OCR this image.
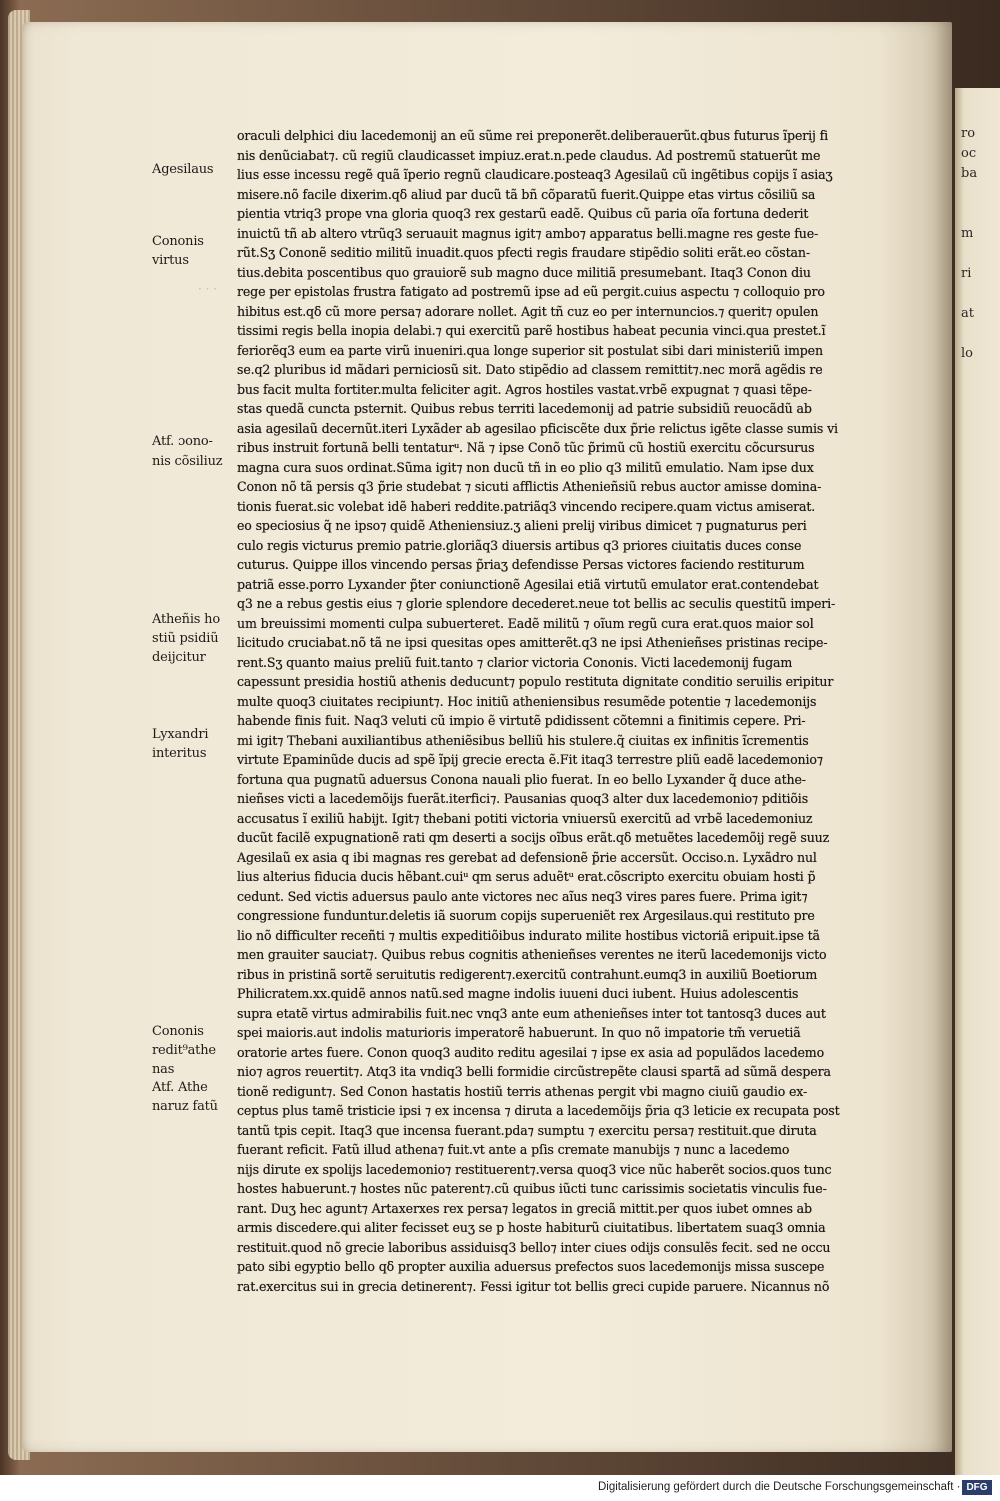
ro
oc
ba
m
ri
at
lo
· · ·
oraculi delphici diu lacedemonij an eũ sũme rei preponerẽt.deliberauerũt.qbus futurus ĩperij fi
nis denũciabat⁊. cũ regiũ claudicasset impiuz.erat.n.pede claudus. Ad postremũ statuerũt me
lius esse incessu regẽ quã ĩperio regnũ claudicare.posteaq3 Agesilaũ cũ ingẽtibus copijs ĩ asiaʒ
misere.nõ facile dixerim.qδ aliud par ducũ tã bñ cõparatũ fuerit.Quippe etas virtus cõsiliũ sa
pientia vtriq3 prope vna gloria quoq3 rex gestarũ eadẽ. Quibus cũ paria oĩa fortuna dederit
inuictũ tñ ab altero vtrũq3 seruauit magnus igit⁊ ambo⁊ apparatus belli.magne res geste fue-
rũt.Sʒ Cononẽ seditio militũ inuadit.quos pfecti regis fraudare stipẽdio soliti erãt.eo cõstan-
tius.debita poscentibus quo grauiorẽ sub magno duce militiã presumebant. Itaq3 Conon diu
rege per epistolas frustra fatigato ad postremũ ipse ad eũ pergit.cuius aspectu ⁊ colloquio pro
hibitus est.qδ cũ more persa⁊ adorare nollet. Agit tñ cuz eo per internuncios.⁊ querit⁊ opulen
tissimi regis bella inopia delabi.⁊ qui exercitũ parẽ hostibus habeat pecunia vinci.qua prestet.ĩ
feriorẽq3 eum ea parte virũ inueniri.qua longe superior sit postulat sibi dari ministeriũ impen
se.q2 pluribus id mãdari perniciosũ sit. Dato stipẽdio ad classem remittit⁊.nec morã agẽdis re
bus facit multa fortiter.multa feliciter agit. Agros hostiles vastat.vrbẽ expugnat ⁊ quasi tẽpe-
stas quedã cuncta psternit. Quibus rebus territi lacedemonij ad patrie subsidiũ reuocãdũ ab
asia agesilaũ decernũt.iteri Lyxãder ab agesilao pficiscẽte dux p̃rie relictus igẽte classe sumis vi
ribus instruit fortunã belli tentaturᵘ. Nã ⁊ ipse Conõ tũc p̃rimũ cũ hostiũ exercitu cõcursurus
magna cura suos ordinat.Sũma igit⁊ non ducũ tñ in eo plio q3 militũ emulatio. Nam ipse dux
Conon nõ tã persis q3 p̃rie studebat ⁊ sicuti afflictis Athenieñsiũ rebus auctor amisse domina-
tionis fuerat.sic volebat idẽ haberi reddite.patriãq3 vincendo recipere.quam victus amiserat.
eo speciosius q̃ ne ipso⁊ quidẽ Atheniensiuz.ʒ alieni prelij viribus dimicet ⁊ pugnaturus peri
culo regis victurus premio patrie.gloriãq3 diuersis artibus q3 priores ciuitatis duces conse
cuturus. Quippe illos vincendo persas p̃riaʒ defendisse Persas victores faciendo restiturum
patriã esse.porro Lyxander p̃ter coniunctionẽ Agesilai etiã virtutũ emulator erat.contendebat
q3 ne a rebus gestis eius ⁊ glorie splendore decederet.neue tot bellis ac seculis questitũ imperi-
um breuissimi momenti culpa subuerteret. Eadẽ militũ ⁊ oĩum regũ cura erat.quos maior sol
licitudo cruciabat.nõ tã ne ipsi quesitas opes amitterẽt.q3 ne ipsi Athenieñses pristinas recipe-
rent.Sʒ quanto maius preliũ fuit.tanto ⁊ clarior victoria Cononis. Victi lacedemonij fugam
capessunt presidia hostiũ athenis deducunt⁊ populo restituta dignitate conditio seruilis eripitur
multe quoq3 ciuitates recipiunt⁊. Hoc initiũ atheniensibus resumẽde potentie ⁊ lacedemonijs
habende finis fuit. Naq3 veluti cũ impio ẽ virtutẽ pdidissent cõtemni a finitimis cepere. Pri-
mi igit⁊ Thebani auxiliantibus atheniẽsibus belliũ his stulere.q̃ ciuitas ex infinitis ĩcrementis
virtute Epaminũde ducis ad spẽ ĩpij grecie erecta ẽ.Fit itaq3 terrestre pliũ eadẽ lacedemonio⁊
fortuna qua pugnatũ aduersus Conona nauali plio fuerat. In eo bello Lyxander q̃ duce athe-
nieñses victi a lacedemõijs fuerãt.iterfici⁊. Pausanias quoq3 alter dux lacedemonio⁊ pditiõis
accusatus ĩ exiliũ habijt. Igit⁊ thebani potiti victoria vniuersũ exercitũ ad vrbẽ lacedemoniuz
ducũt facilẽ expugnationẽ rati qm deserti a socijs oĩbus erãt.qδ metuẽtes lacedemõij regẽ suuz
Agesilaũ ex asia q ibi magnas res gerebat ad defensionẽ p̃rie accersũt. Occiso.n. Lyxãdro nul
lius alterius fiducia ducis hẽbant.cuiᵘ qm serus aduẽtᵘ erat.cõscripto exercitu obuiam hosti p̃
cedunt. Sed victis aduersus paulo ante victores nec aĩus neq3 vires pares fuere. Prima igit⁊
congressione funduntur.deletis iã suorum copijs superueniẽt rex Argesilaus.qui restituto pre
lio nõ difficulter receñti ⁊ multis expeditiõibus indurato milite hostibus victoriã eripuit.ipse tã
men grauiter sauciat⁊. Quibus rebus cognitis athenieñses verentes ne iterũ lacedemonijs victo
ribus in pristinã sortẽ seruitutis redigerent⁊.exercitũ contrahunt.eumq3 in auxiliũ Boetiorum
Philicratem.xx.quidẽ annos natũ.sed magne indolis iuueni duci iubent. Huius adolescentis
supra etatẽ virtus admirabilis fuit.nec vnq3 ante eum athenieñses inter tot tantosq3 duces aut
spei maioris.aut indolis maturioris imperatorẽ habuerunt. In quo nõ impatorie tm̃ veruetiã
oratorie artes fuere. Conon quoq3 audito reditu agesilai ⁊ ipse ex asia ad populãdos lacedemo
nio⁊ agros reuertit⁊. Atq3 ita vndiq3 belli formidie circũstrepẽte clausi spartã ad sũmã despera
tionẽ redigunt⁊. Sed Conon hastatis hostiũ terris athenas pergit vbi magno ciuiũ gaudio ex-
ceptus plus tamẽ tristicie ipsi ⁊ ex incensa ⁊ diruta a lacedemõijs p̃ria q3 leticie ex recupata post
tantũ tpis cepit. Itaq3 que incensa fuerant.pda⁊ sumptu ⁊ exercitu persa⁊ restituit.que diruta
fuerant reficit. Fatũ illud athena⁊ fuit.vt ante a pſis cremate manubijs ⁊ nunc a lacedemo
nijs dirute ex spolijs lacedemonio⁊ restituerent⁊.versa quoq3 vice nũc haberẽt socios.quos tunc
hostes habuerunt.⁊ hostes nũc paterent⁊.cũ quibus iũcti tunc carissimis societatis vinculis fue-
rant. Duʒ hec agunt⁊ Artaxerxes rex persa⁊ legatos in greciã mittit.per quos iubet omnes ab
armis discedere.qui aliter fecisset euʒ se p hoste habiturũ ciuitatibus. libertatem suaq3 omnia
restituit.quod nõ grecie laboribus assiduisq3 bello⁊ inter ciues odijs consulẽs fecit. sed ne occu
pato sibi egyptio bello qδ propter auxilia aduersus prefectos suos lacedemonijs missa suscepe
rat.exercitus sui in grecia detinerent⁊. Fessi igitur tot bellis greci cupide paruere. Nicannus nõ
Agesilaus
Cononis
virtus
Atf. ɔono-
nis cõsiliuz
Atheñis ho
stiũ psidiũ
deijcitur
Lyxandri
interitus
Cononis
redit⁹athe
nas
Atf. Athe
naruz fatũ
Digitalisierung gefördert durch die Deutsche Forschungsgemeinschaft · DFG
